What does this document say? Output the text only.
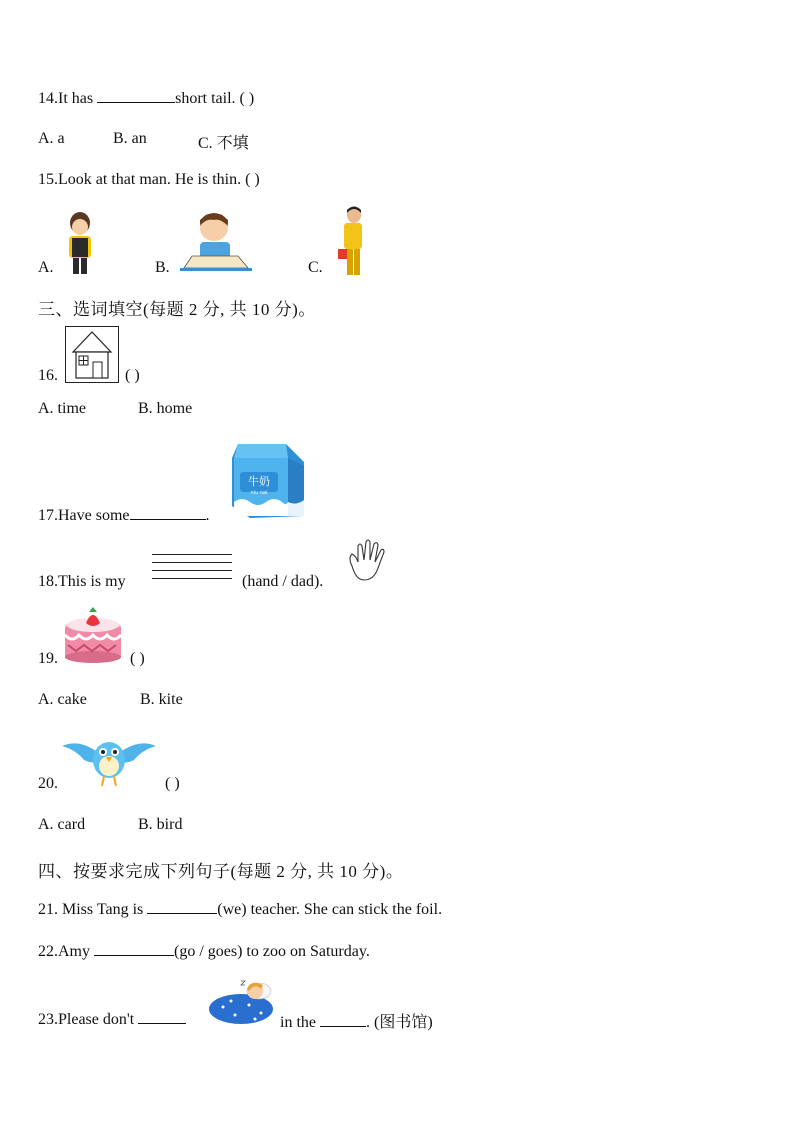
14.It has	short tail. ( )
A. a	B. an	C. 不填
15.Look at that man. He is thin. ( )
A.	B.	C.
三、选词填空(每题 2 分, 共 10 分)。
16.	( )
A. time	B. home
17.Have some	.
牛奶
niu nai
18.This is my	(hand / dad).
19.	( )
A. cake	B. kite
20.	( )
A. card	B. bird
四、按要求完成下列句子(每题 2 分, 共 10 分)。
21. Miss Tang is	(we) teacher. She can stick the foil.
22.Amy	(go / goes) to zoo on Saturday.
23.Please don't	in the	. (图书馆)
